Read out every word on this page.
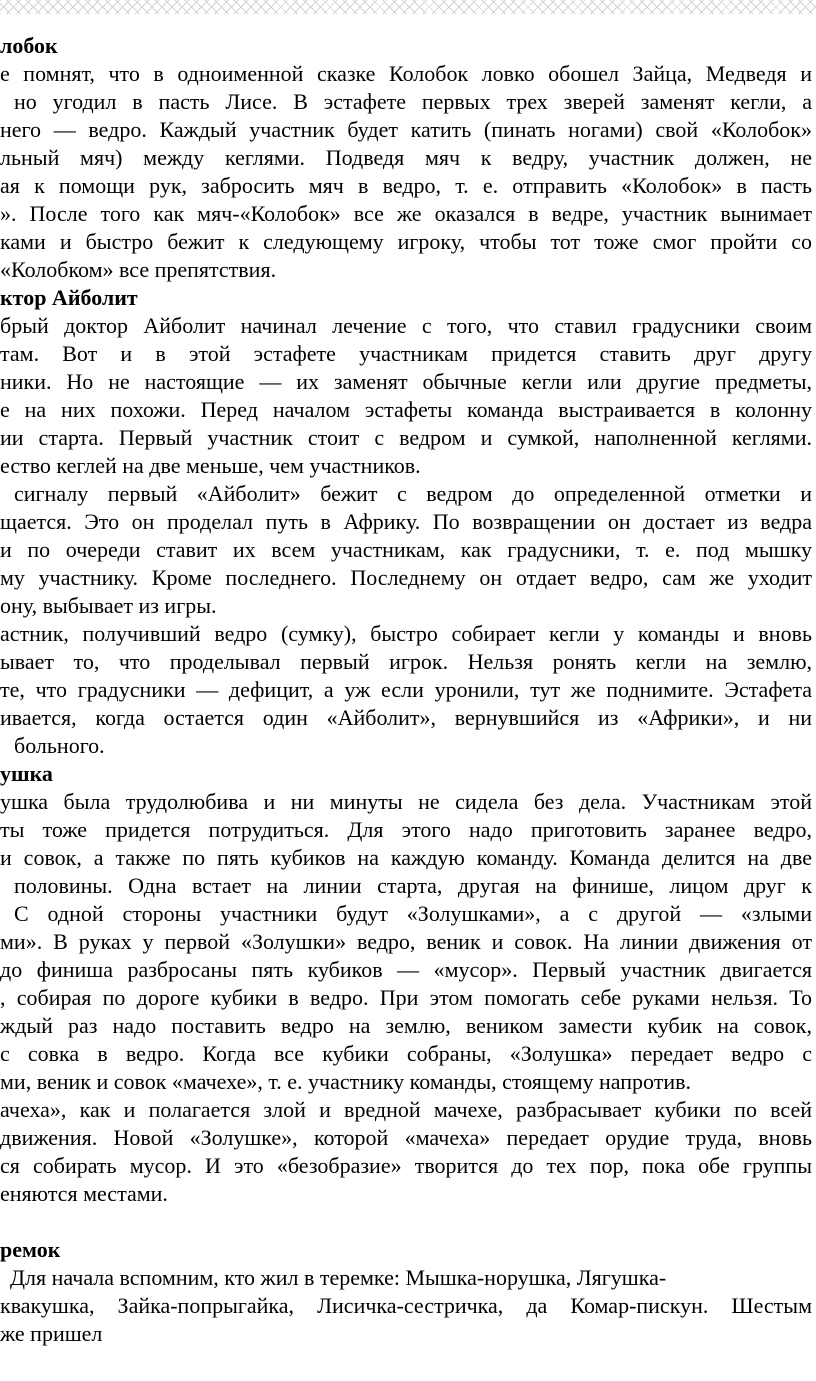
лобок
е помнят, что в одноименной сказке Колобок ловко обошел Зайца, Медведя и
но угодил в пасть Лисе. В эстафете первых трех зверей заменят кегли, а
него — ведро. Каждый участник будет катить (пинать ногами) свой «Колобок»
льный мяч) между кеглями. Подведя мяч к ведру, участник должен, не
ая к помощи рук, забросить мяч в ведро, т. е. отправить «Колобок» в пасть
». После того как мяч-«Колобок» все же оказался в ведре, участник вынимает
ками и быстро бежит к следующему игроку, чтобы тот тоже смог пройти со
«Колобком» все препятствия.
ктор Айболит
брый доктор Айболит начинал лечение с того, что ставил градусники своим
там. Вот и в этой эстафете участникам придется ставить друг другу
ники. Но не настоящие — их заменят обычные кегли или другие предметы,
е на них похожи. Перед началом эстафеты команда выстраивается в колонну
ии старта. Первый участник стоит с ведром и сумкой, наполненной кеглями.
ество кеглей на две меньше, чем участников.
сигналу первый «Айболит» бежит с ведром до определенной отметки и
щается. Это он проделал путь в Африку. По возвращении он достает из ведра
и по очереди ставит их всем участникам, как градусники, т. е. под мышку
му участнику. Кроме последнего. Последнему он отдает ведро, сам же уходит
ону, выбывает из игры.
астник, получивший ведро (сумку), быстро собирает кегли у команды и вновь
ывает то, что проделывал первый игрок. Нельзя ронять кегли на землю,
те, что градусники — дефицит, а уж если уронили, тут же поднимите. Эстафета
ивается, когда остается один «Айболит», вернувшийся из «Африки», и ни
больного.
ушка
ушка была трудолюбива и ни минуты не сидела без дела. Участникам этой
ты тоже придется потрудиться. Для этого надо приготовить заранее ведро,
и совок, а также по пять кубиков на каждую команду. Команда делится на две
половины. Одна встает на линии старта, другая на финише, лицом друг к
С одной стороны участники будут «Золушками», а с другой — «злыми
ми». В руках у первой «Золушки» ведро, веник и совок. На линии движения от
до финиша разбросаны пять кубиков — «мусор». Первый участник двигается
, собирая по дороге кубики в ведро. При этом помогать себе руками нельзя. То
ждый раз надо поставить ведро на землю, веником замести кубик на совок,
с совка в ведро. Когда все кубики собраны, «Золушка» передает ведро с
ми, веник и совок «мачехе», т. е. участнику команды, стоящему напротив.
ачеха», как и полагается злой и вредной мачехе, разбрасывает кубики по всей
движения. Новой «Золушке», которой «мачеха» передает орудие труда, вновь
ся собирать мусор. И это «безобразие» творится до тех пор, пока обе группы
еняются местами.
ремок
Для начала вспомним, кто жил в теремке: Мышка-норушка, Лягушка-
квакушка, Зайка-попрыгайка, Лисичка-сестричка, да Комар-пискун. Шестым
же пришел
